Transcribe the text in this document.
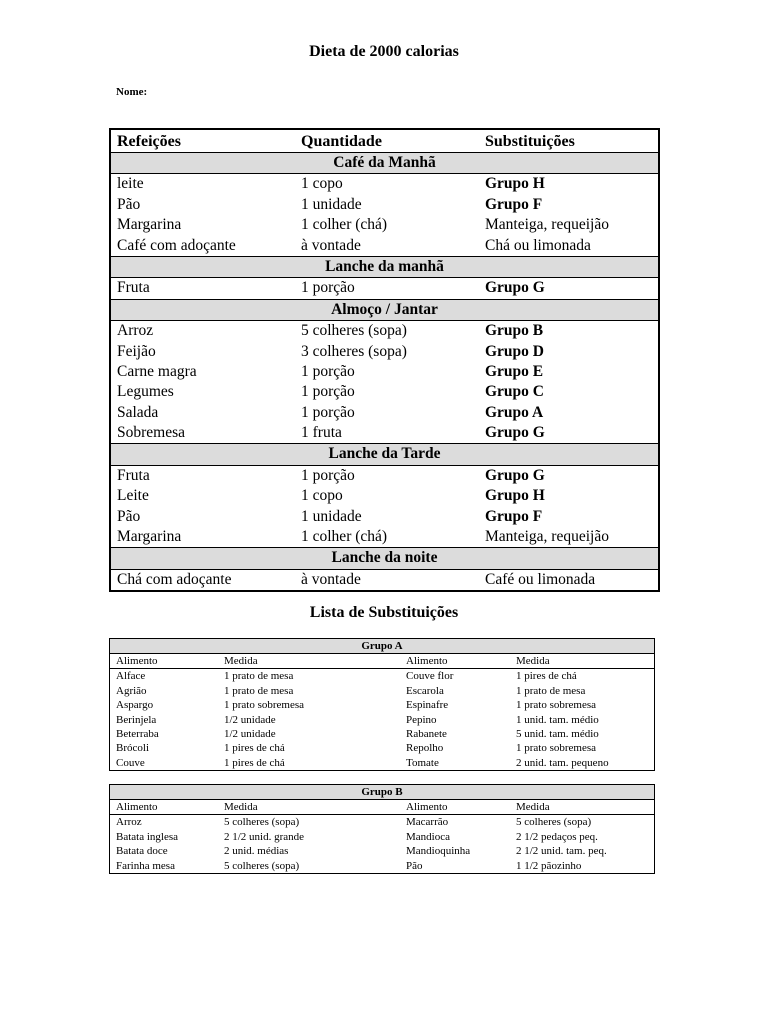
Dieta de 2000 calorias
Nome:
Refeições	Quantidade	Substituições
Café da Manhã
leite	1 copo	Grupo H
Pão	1 unidade	Grupo F
Margarina	1 colher (chá)	Manteiga, requeijão
Café com adoçante	à vontade	Chá ou limonada
Lanche da manhã
Fruta	1 porção	Grupo G
Almoço / Jantar
Arroz	5 colheres (sopa)	Grupo B
Feijão	3 colheres (sopa)	Grupo D
Carne magra	1 porção	Grupo E
Legumes	1 porção	Grupo C
Salada	1 porção	Grupo A
Sobremesa	1 fruta	Grupo G
Lanche da Tarde
Fruta	1 porção	Grupo G
Leite	1 copo	Grupo H
Pão	1 unidade	Grupo F
Margarina	1 colher (chá)	Manteiga, requeijão
Lanche da noite
Chá com adoçante	à vontade	Café ou limonada
Lista de Substituições
Grupo A
Alimento	Medida	Alimento	Medida
Alface	1 prato de mesa	Couve flor	1 pires de chá
Agrião	1 prato de mesa	Escarola	1 prato de mesa
Aspargo	1 prato sobremesa	Espinafre	1 prato sobremesa
Berinjela	1/2 unidade	Pepino	1 unid. tam. médio
Beterraba	1/2 unidade	Rabanete	5 unid. tam. médio
Brócoli	1 pires de chá	Repolho	1 prato sobremesa
Couve	1 pires de chá	Tomate	2 unid. tam. pequeno
Grupo B
Alimento	Medida	Alimento	Medida
Arroz	5 colheres (sopa)	Macarrão	5 colheres (sopa)
Batata inglesa	2 1/2 unid. grande	Mandioca	2 1/2 pedaços peq.
Batata doce	2 unid. médias	Mandioquinha	2 1/2 unid. tam. peq.
Farinha mesa	5 colheres (sopa)	Pão	1 1/2 pãozinho
